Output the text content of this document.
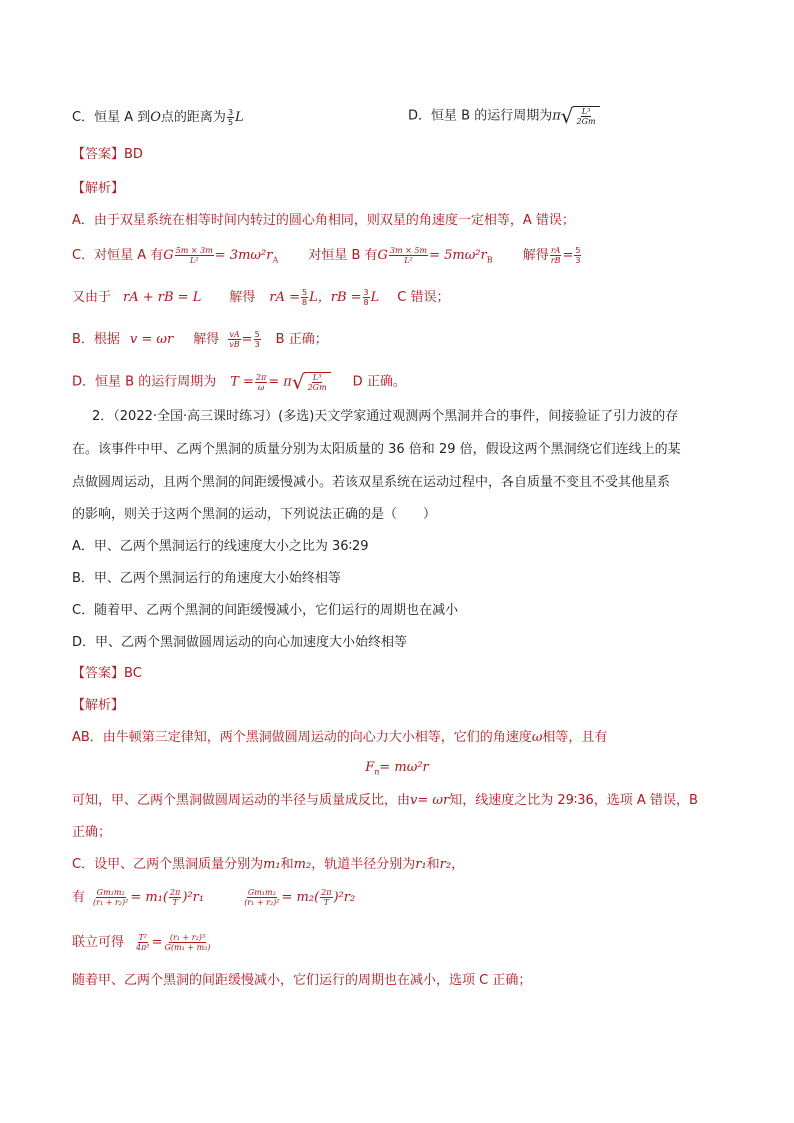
C．恒星 A 到O点的距离为 $\frac{3}{5}$ L	D．恒星 B 的运行周期为π √ $\frac{\text{L³}}{2Gm}$
【答案】BD
【解析】
A．由于双星系统在相等时间内转过的圆心角相同，则双星的角速度一定相等，A 错误；
C．对恒星 A 有G $\frac{5m \times 3m}{\text{L²}} = 3m\omega^2r_A$ 对恒星 B 有G $\frac{3m \times 5m}{\text{L²}} = 5m\omega^2r_B$ 解得 $\frac{rA}{rB} = \frac{5}{3}$
又由于 rA + rB = L 解得 rA = $\frac{5}{8}$ L，rB = $\frac{3}{8}$ L C 错误；
B．根据 v = ωr 解得 $\frac{vA}{vB} = \frac{5}{3}$ B 正确；
D．恒星 B 的运行周期为 $T = \frac{2\pi}{\omega} = \pi$ √ $\frac{\text{L³}}{2Gm}$ D 正确。
2．（2022·全国·高三课时练习）(多选)天文学家通过观测两个黑洞并合的事件，间接验证了引力波的存
在。该事件中甲、乙两个黑洞的质量分别为太阳质量的 36 倍和 29 倍，假设这两个黑洞绕它们连线上的某
点做圆周运动，且两个黑洞的间距缓慢减小。若该双星系统在运动过程中，各自质量不变且不受其他星系
的影响，则关于这两个黑洞的运动，下列说法正确的是（　　）
A．甲、乙两个黑洞运行的线速度大小之比为 36∶29
B．甲、乙两个黑洞运行的角速度大小始终相等
C．随着甲、乙两个黑洞的间距缓慢减小，它们运行的周期也在减小
D．甲、乙两个黑洞做圆周运动的向心加速度大小始终相等
【答案】BC
【解析】
AB．由牛顿第三定律知，两个黑洞做圆周运动的向心力大小相等，它们的角速度ω相等，且有
$F_n= m\omega^2r$
可知，甲、乙两个黑洞做圆周运动的半径与质量成反比，由v= ωr知，线速度之比为 29∶36，选项 A 错误，B
正确；
C．设甲、乙两个黑洞质量分别为m₁和m₂，轨道半径分别为r₁和r₂，
有 $\frac{\text{Gm₁m₂}}{\text{(r₁ + r₂)²}} = m_1( \frac{2\pi}{T} )^2r_1$	$\frac{\text{Gm₁m₂}}{\text{(r₁ + r₂)²}} = m_2( \frac{2\pi}{T} )^2r_2$
联立可得 $\frac{\text{T²}}{\text{4π²}} = \frac{\text{(r₁ + r₂)³}}{\text{G(m₁ + m₂)}}$
随着甲、乙两个黑洞的间距缓慢减小，它们运行的周期也在减小，选项 C 正确；
